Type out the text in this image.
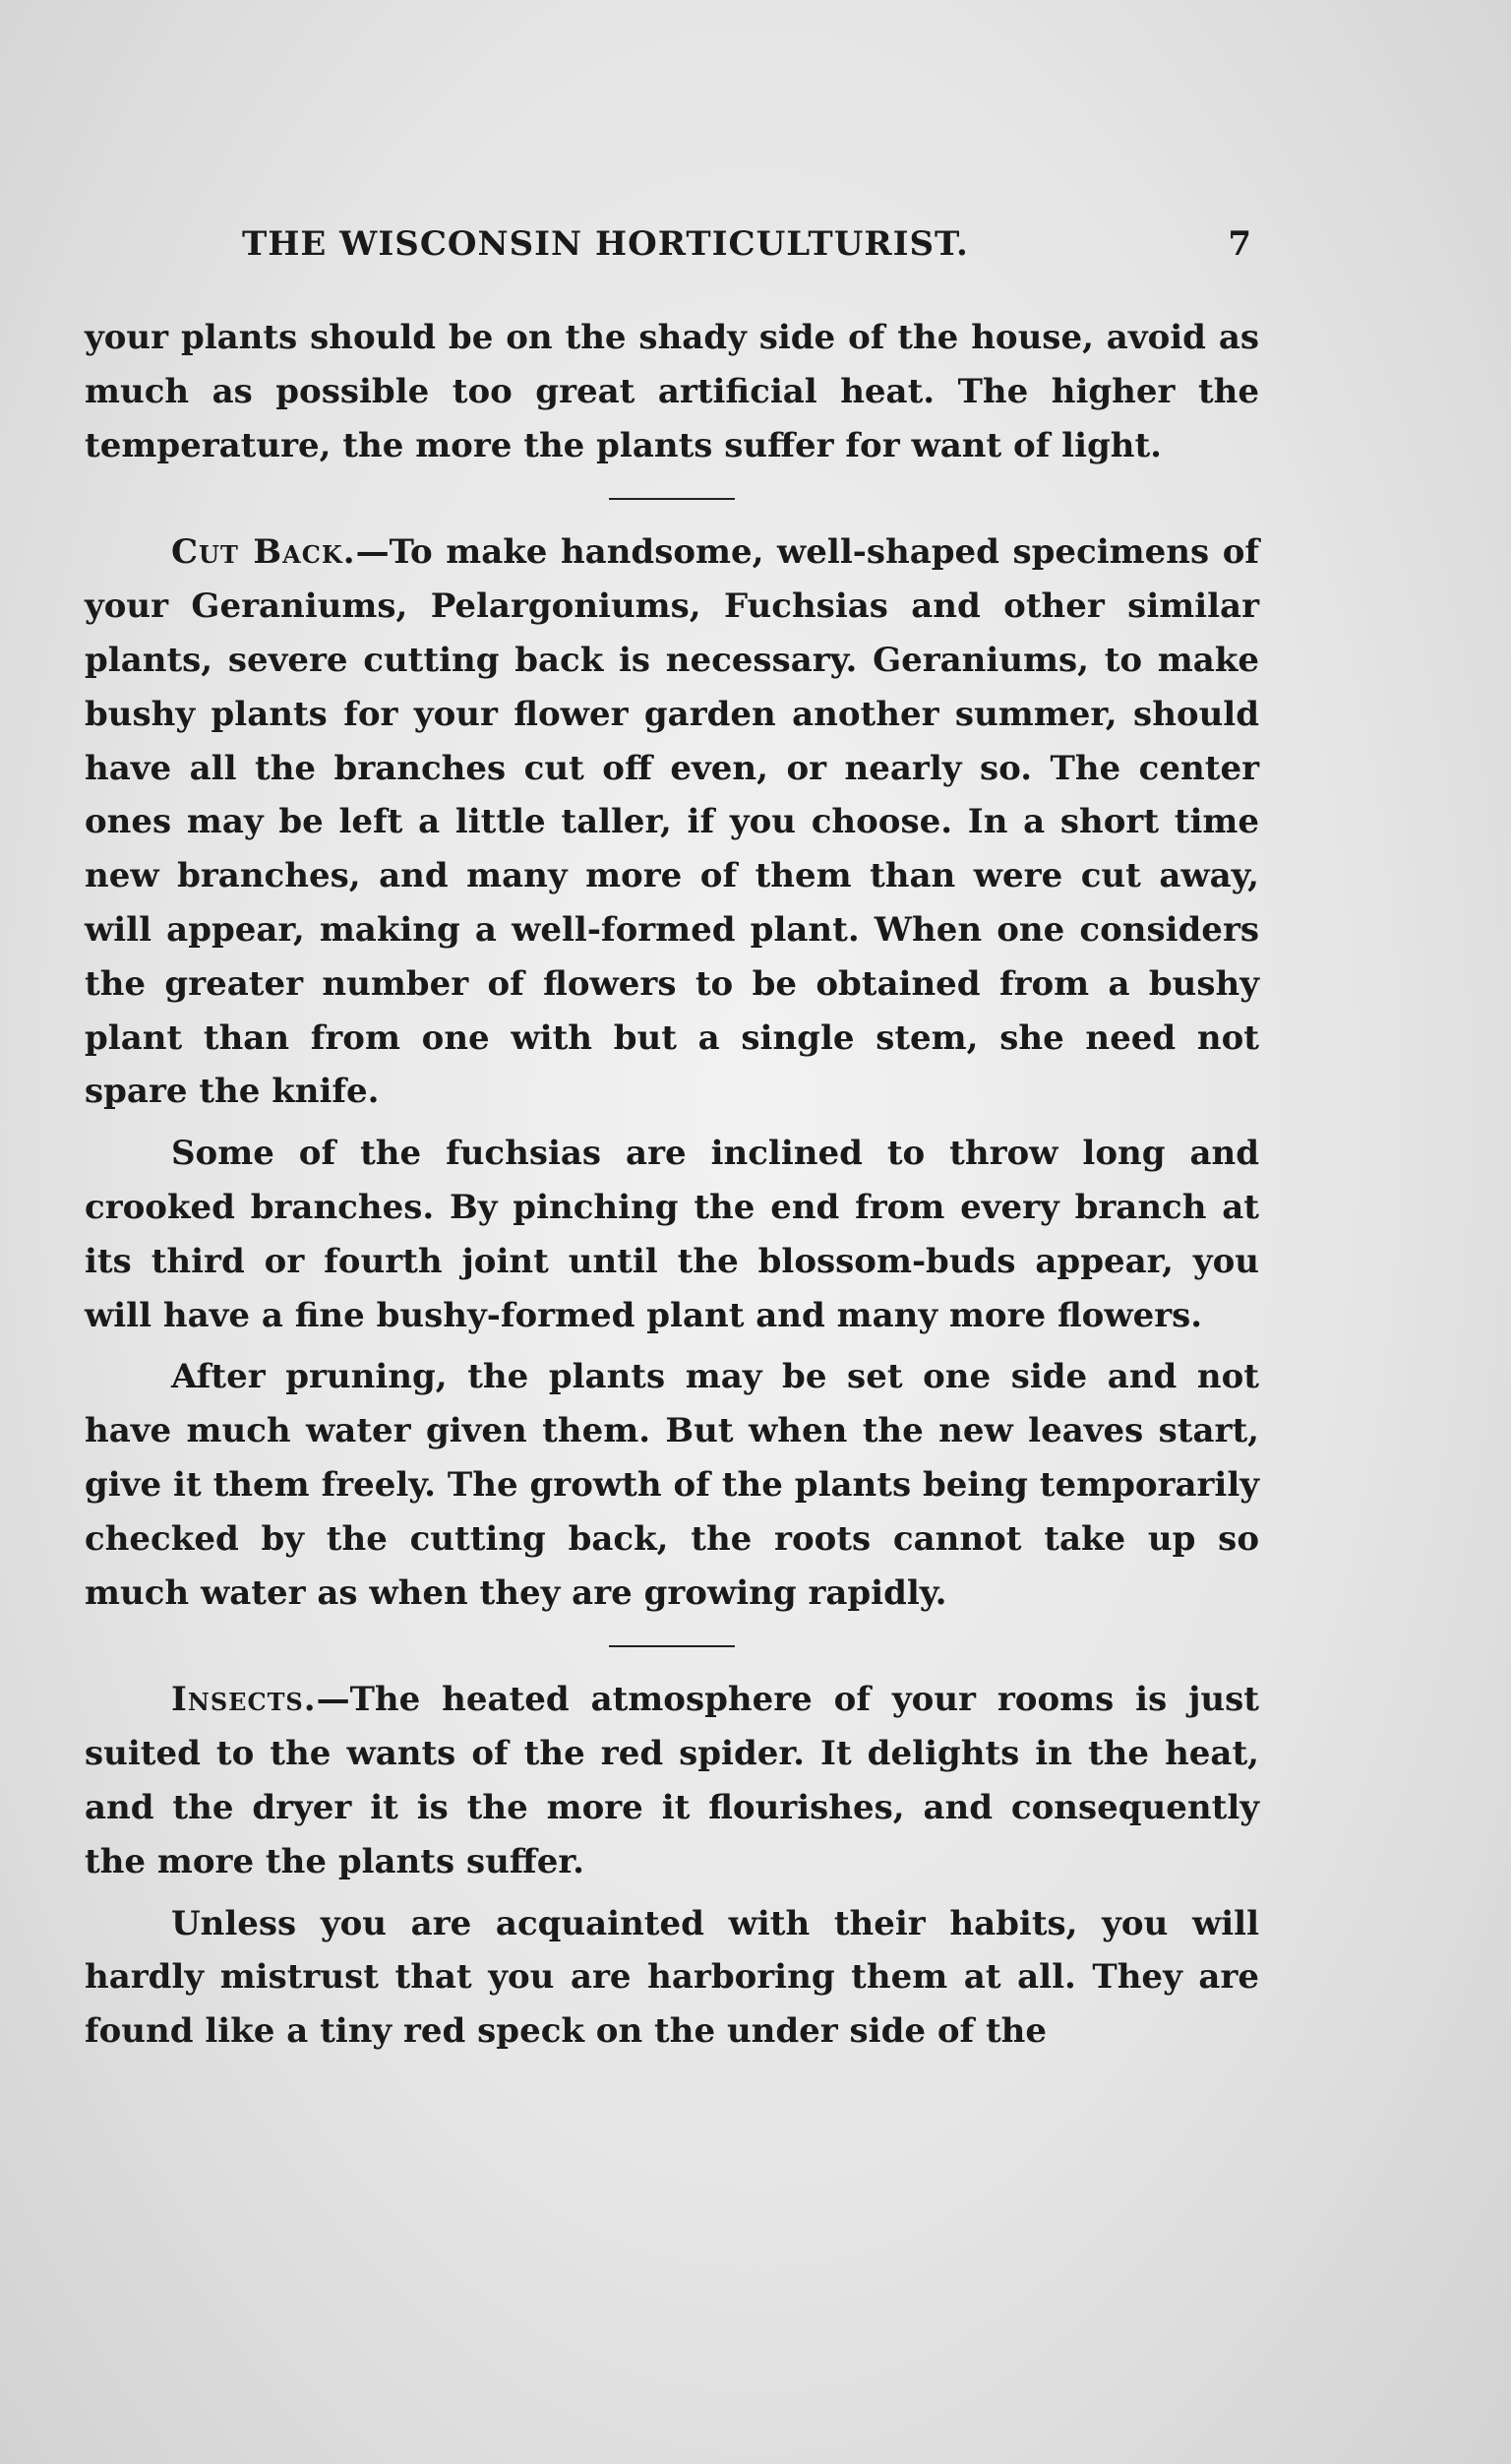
THE WISCONSIN HORTICULTURIST.	7

your plants should be on the shady side of the house, avoid as much as possible too great artificial heat. The higher the temperature, the more the plants suffer for want of light.

Cut Back.—To make handsome, well-shaped specimens of your Geraniums, Pelargoniums, Fuchsias and other similar plants, severe cutting back is necessary. Geraniums, to make bushy plants for your flower garden another summer, should have all the branches cut off even, or nearly so. The center ones may be left a little taller, if you choose. In a short time new branches, and many more of them than were cut away, will appear, making a well-formed plant. When one considers the greater number of flowers to be obtained from a bushy plant than from one with but a single stem, she need not spare the knife.

Some of the fuchsias are inclined to throw long and crooked branches. By pinching the end from every branch at its third or fourth joint until the blossom-buds appear, you will have a fine bushy-formed plant and many more flowers.

After pruning, the plants may be set one side and not have much water given them. But when the new leaves start, give it them freely. The growth of the plants being temporarily checked by the cutting back, the roots cannot take up so much water as when they are growing rapidly.

Insects.—The heated atmosphere of your rooms is just suited to the wants of the red spider. It delights in the heat, and the dryer it is the more it flourishes, and consequently the more the plants suffer.

Unless you are acquainted with their habits, you will hardly mistrust that you are harboring them at all. They are found like a tiny red speck on the under side of the
